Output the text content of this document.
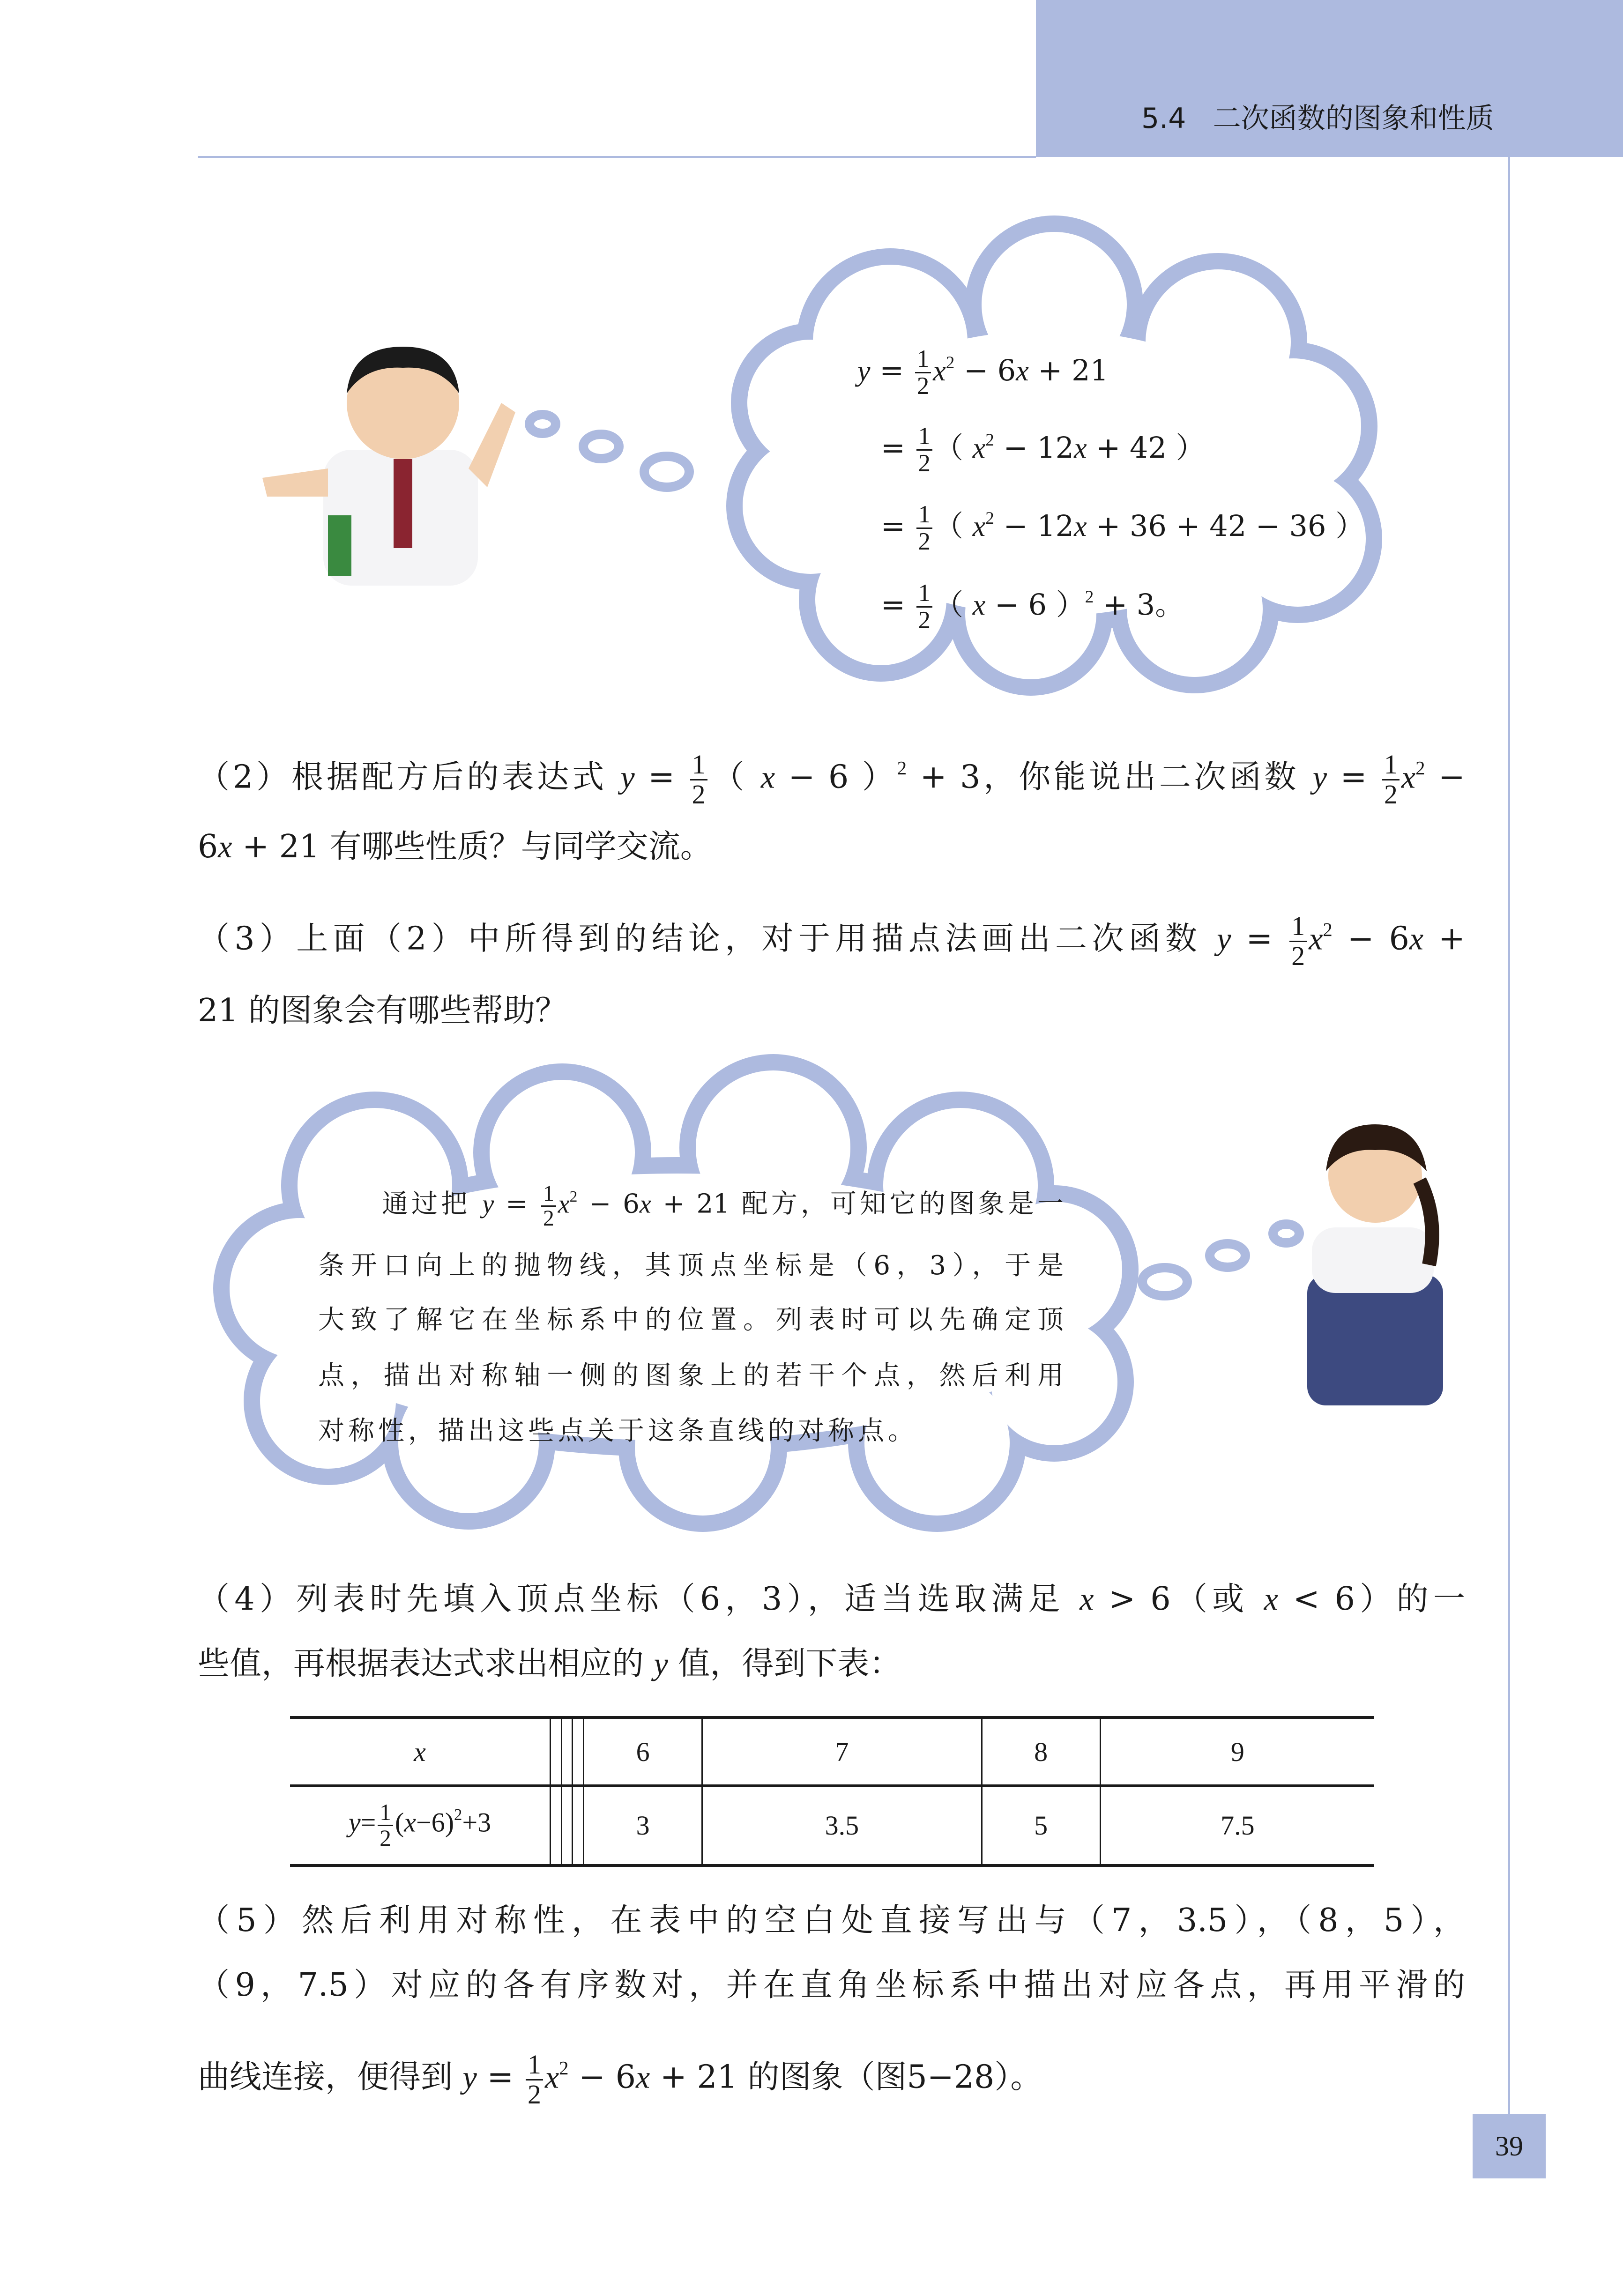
5.4   二次函数的图象和性质
39
$y = \frac{1}{2} x^2 - 6x + 21$
= $\frac{1}{2}$ （ $x^2 - 12x + 42$ ）
= $\frac{1}{2}$ （ $x^2 - 12x + 36 + 42 - 36$ ）
= $\frac{1}{2}$ （ x − 6 ）$^2$ + 3。
（2）根据配方后的表达式 $y = \frac{1}{2}$ （ x − 6 ）$^2$ + 3，你能说出二次函数 $y = \frac{1}{2} x^2$ −
6x + 21 有哪些性质？与同学交流。
（3）上面（2）中所得到的结论，对于用描点法画出二次函数 $y = \frac{1}{2} x^2 - 6x$ +
21 的图象会有哪些帮助？
通过把 $y = \frac{1}{2} x^2 - 6x + 21$ 配方，可知它的图象是一
条开口向上的抛物线，其顶点坐标是（6，3），于是
大致了解它在坐标系中的位置。列表时可以先确定顶
点，描出对称轴一侧的图象上的若干个点，然后利用
对称性，描出这些点关于这条直线的对称点。
（4）列表时先填入顶点坐标（6，3），适当选取满足 x > 6（或 x < 6）的一
些值，再根据表达式求出相应的 y 值，得到下表：
x				6	7	8	9
$y= \frac{1}{2} (x-6)^2+3$				3	3.5	5	7.5
（5）然后利用对称性，在表中的空白处直接写出与（7，3.5），（8，5），
（9，7.5）对应的各有序数对，并在直角坐标系中描出对应各点，再用平滑的
曲线连接，便得到 $y = \frac{1}{2} x^2 - 6x + 21$ 的图象（图5−28）。
